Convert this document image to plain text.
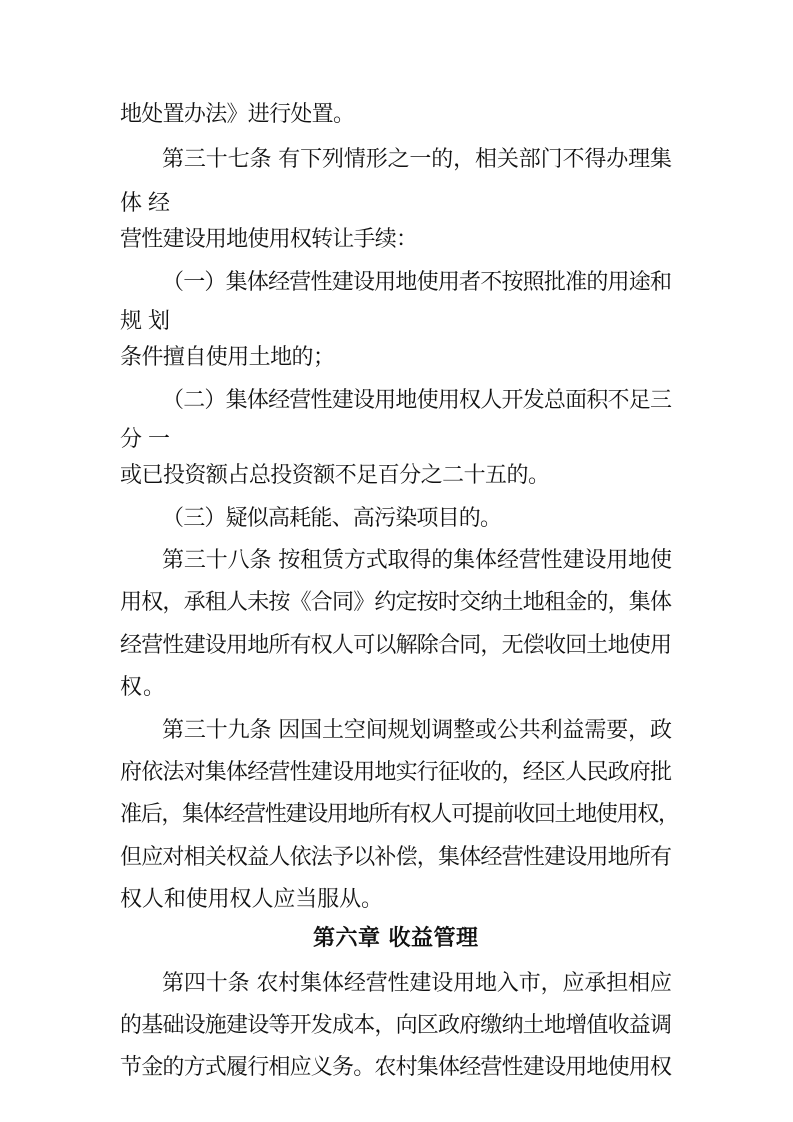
地处置办法》进行处置。
第三十七条 有下列情形之一的，相关部门不得办理集
体经
营性建设用地使用权转让手续：
（一）集体经营性建设用地使用者不按照批准的用途和
规划
条件擅自使用土地的；
（二）集体经营性建设用地使用权人开发总面积不足三
分一
或已投资额占总投资额不足百分之二十五的。
（三）疑似高耗能、高污染项目的。
第三十八条 按租赁方式取得的集体经营性建设用地使
用权，承租人未按《合同》约定按时交纳土地租金的，集体
经营性建设用地所有权人可以解除合同，无偿收回土地使用
权。
第三十九条 因国土空间规划调整或公共利益需要，政
府依法对集体经营性建设用地实行征收的，经区人民政府批
准后，集体经营性建设用地所有权人可提前收回土地使用权，
但应对相关权益人依法予以补偿，集体经营性建设用地所有
权人和使用权人应当服从。
第六章 收益管理
第四十条 农村集体经营性建设用地入市，应承担相应
的基础设施建设等开发成本，向区政府缴纳土地增值收益调
节金的方式履行相应义务。农村集体经营性建设用地使用权
